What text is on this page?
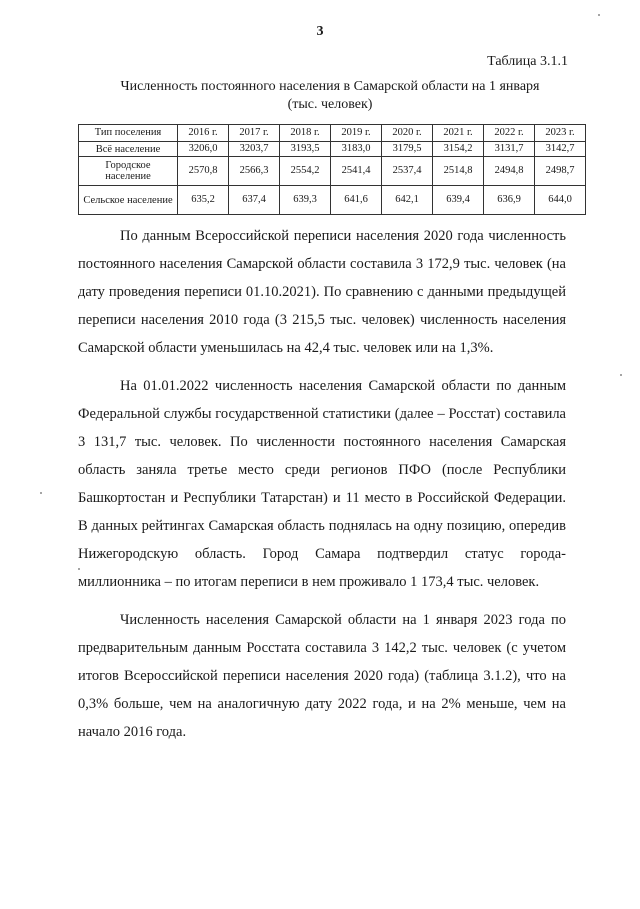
3
Таблица 3.1.1
Численность постоянного населения в Самарской области на 1 января
(тыс. человек)
Тип поселения	2016 г.	2017 г.	2018 г.	2019 г.	2020 г.	2021 г.	2022 г.	2023 г.
Всё население	3206,0	3203,7	3193,5	3183,0	3179,5	3154,2	3131,7	3142,7
Городское население	2570,8	2566,3	2554,2	2541,4	2537,4	2514,8	2494,8	2498,7
Сельское население	635,2	637,4	639,3	641,6	642,1	639,4	636,9	644,0

По данным Всероссийской переписи населения 2020 года численность постоянного населения Самарской области составила 3 172,9 тыс. человек (на дату проведения переписи 01.10.2021). По сравнению с данными предыдущей переписи населения 2010 года (3 215,5 тыс. человек) численность населения Самарской области уменьшилась на 42,4 тыс. человек или на 1,3%.

На 01.01.2022 численность населения Самарской области по данным Федеральной службы государственной статистики (далее – Росстат) составила 3 131,7 тыс. человек. По численности постоянного населения Самарская область заняла третье место среди регионов ПФО (после Республики Башкортостан и Республики Татарстан) и 11 место в Российской Федерации. В данных рейтингах Самарская область поднялась на одну позицию, опередив Нижегородскую область. Город Самара подтвердил статус города-миллионника – по итогам переписи в нем проживало 1 173,4 тыс. человек.

Численность населения Самарской области на 1 января 2023 года по предварительным данным Росстата составила 3 142,2 тыс. человек (с учетом итогов Всероссийской переписи населения 2020 года) (таблица 3.1.2), что на 0,3% больше, чем на аналогичную дату 2022 года, и на 2% меньше, чем на начало 2016 года.
